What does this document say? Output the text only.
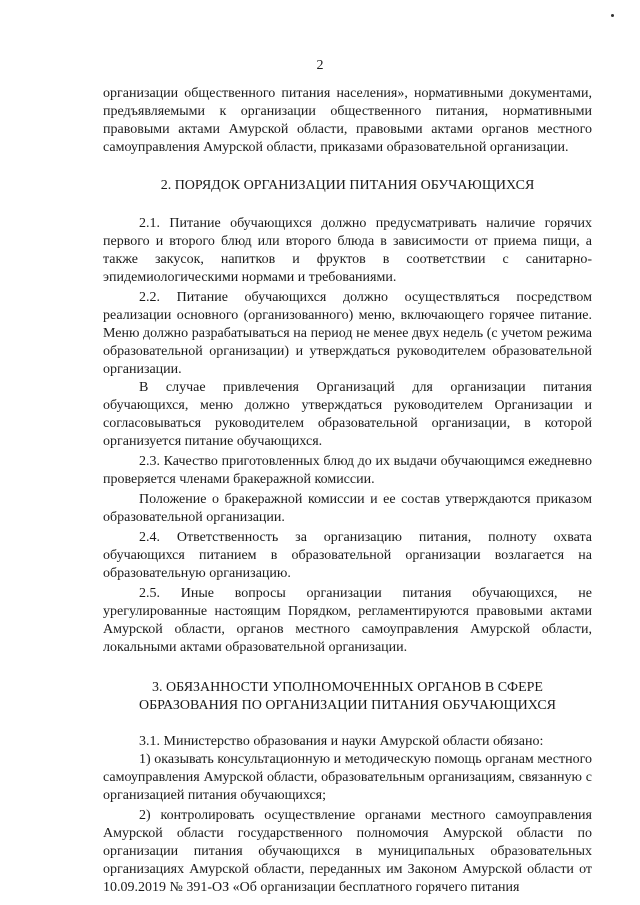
2

организации общественного питания населения», нормативными документами, предъявляемыми к организации общественного питания, нормативными правовыми актами Амурской области, правовыми актами органов местного самоуправления Амурской области, приказами образовательной организации.

2. ПОРЯДОК ОРГАНИЗАЦИИ ПИТАНИЯ ОБУЧАЮЩИХСЯ

2.1. Питание обучающихся должно предусматривать наличие горячих первого и второго блюд или второго блюда в зависимости от приема пищи, а также закусок, напитков и фруктов в соответствии с санитарно-эпидемиологическими нормами и требованиями.

2.2. Питание обучающихся должно осуществляться посредством реализации основного (организованного) меню, включающего горячее питание. Меню должно разрабатываться на период не менее двух недель (с учетом режима образовательной организации) и утверждаться руководителем образовательной организации.

В случае привлечения Организаций для организации питания обучающихся, меню должно утверждаться руководителем Организации и согласовываться руководителем образовательной организации, в которой организуется питание обучающихся.

2.3. Качество приготовленных блюд до их выдачи обучающимся ежедневно проверяется членами бракеражной комиссии.

Положение о бракеражной комиссии и ее состав утверждаются приказом образовательной организации.

2.4. Ответственность за организацию питания, полноту охвата обучающихся питанием в образовательной организации возлагается на образовательную организацию.

2.5. Иные вопросы организации питания обучающихся, не урегулированные настоящим Порядком, регламентируются правовыми актами Амурской области, органов местного самоуправления Амурской области, локальными актами образовательной организации.

3. ОБЯЗАННОСТИ УПОЛНОМОЧЕННЫХ ОРГАНОВ В СФЕРЕ

ОБРАЗОВАНИЯ ПО ОРГАНИЗАЦИИ ПИТАНИЯ ОБУЧАЮЩИХСЯ

3.1. Министерство образования и науки Амурской области обязано:

1) оказывать консультационную и методическую помощь органам местного самоуправления Амурской области, образовательным организациям, связанную с организацией питания обучающихся;

2) контролировать осуществление органами местного самоуправления Амурской области государственного полномочия Амурской области по организации питания обучающихся в муниципальных образовательных организациях Амурской области, переданных им Законом Амурской области от 10.09.2019 № 391-ОЗ «Об организации бесплатного горячего питания
